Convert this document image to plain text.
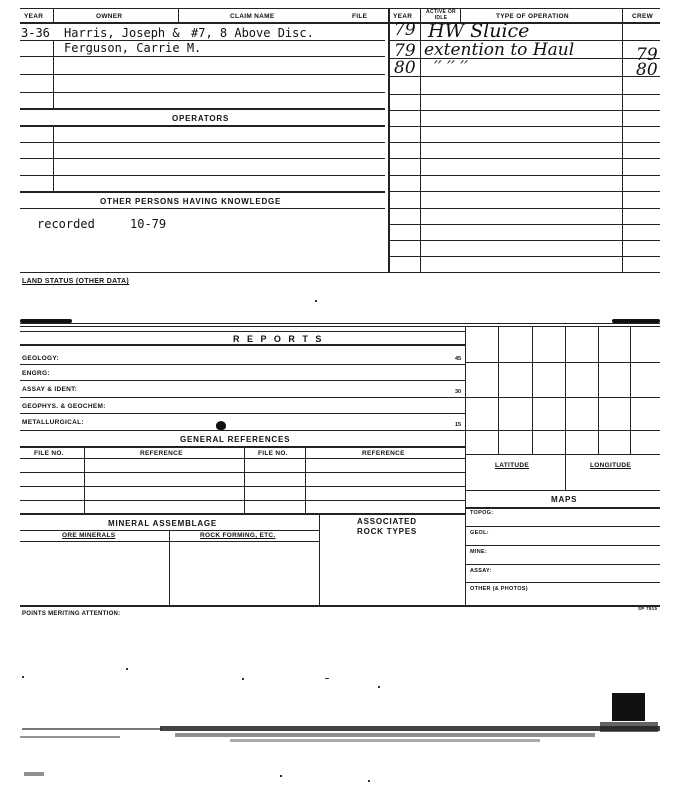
YEAR	OWNER	CLAIM NAME	FILE	YEAR
ACTIVE OR IDLE	TYPE OF OPERATION	CREW
3-36 Harris, Joseph & #7, 8 Above Disc.
Ferguson, Carrie M.
OPERATORS
OTHER PERSONS HAVING KNOWLEDGE
recorded	10-79
79 HW Sluice
79 extention to Haul	79
80 ′′ ′′ ′′	80
LAND STATUS (OTHER DATA)
R E P O R T S
GEOLOGY:	45
ENGRG:
ASSAY & IDENT:	30
GEOPHYS. & GEOCHEM:
METALLURGICAL:	15
GENERAL REFERENCES
FILE NO.	REFERENCE	FILE NO.	REFERENCE
MINERAL ASSEMBLAGE	ASSOCIATED
ROCK TYPES
ORE MINERALS	ROCK FORMING, ETC.
LATITUDE	LONGITUDE
MAPS
TOPOG:
GEOL:
MINE:
ASSAY:
OTHER (& PHOTOS)
POINTS MERITING ATTENTION:
SP 7915
